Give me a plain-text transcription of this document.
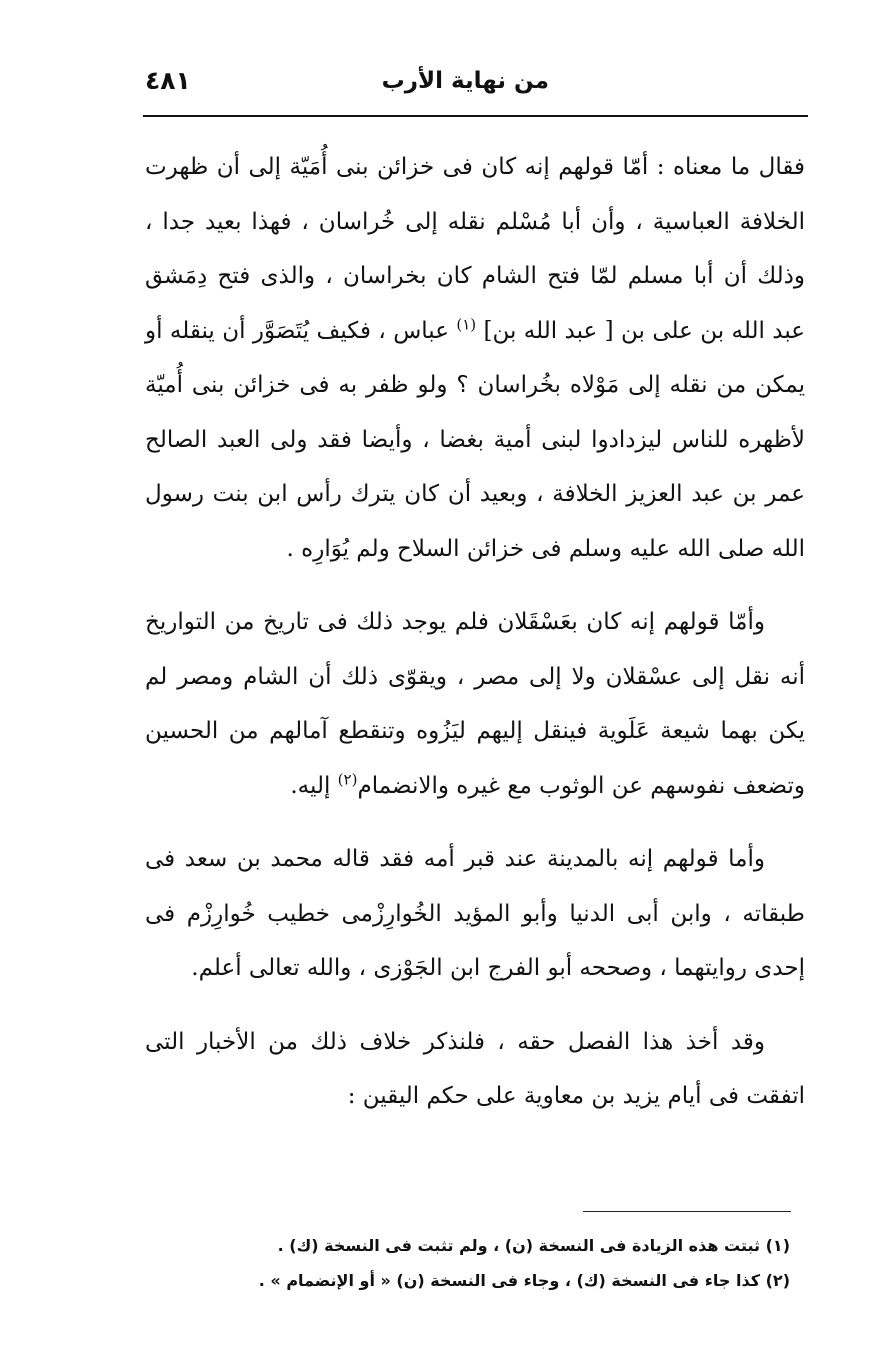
٤٨١	من نهاية الأرب

فقال ما معناه : أمّا قولهم إنه كان فى خزائن بنى أُمَيّة إلى أن ظهرت الخلافة العباسية ، وأن أبا مُسْلم نقله إلى خُراسان ، فهذا بعيد جدا ، وذلك أن أبا مسلم لمّا فتح الشام كان بخراسان ، والذى فتح دِمَشق عبد الله بن على بن [ عبد الله بن] $^{(١)}$ عباس ، فكيف يُتَصَوَّر أن ينقله أو يمكن من نقله إلى مَوْلاه بخُراسان ؟ ولو ظفر به فى خزائن بنى أُميّة لأظهره للناس ليزدادوا لبنى أمية بغضا ، وأيضا فقد ولى العبد الصالح عمر بن عبد العزيز الخلافة ، وبعيد أن كان يترك رأس ابن بنت رسول الله صلى الله عليه وسلم فى خزائن السلاح ولم يُوَارِه .

وأمّا قولهم إنه كان بعَسْقَلان فلم يوجد ذلك فى تاريخ من التواريخ أنه نقل إلى عسْقلان ولا إلى مصر ، ويقوّى ذلك أن الشام ومصر لم يكن بهما شيعة عَلَوية فينقل إليهم ليَزُوه وتنقطع آمالهم من الحسين وتضعف نفوسهم عن الوثوب مع غيره والانضمام$^{(٢)}$ إليه.

وأما قولهم إنه بالمدينة عند قبر أمه فقد قاله محمد بن سعد فى طبقاته ، وابن أبى الدنيا وأبو المؤيد الخُوارِزْمى خطيب خُوارِزْم فى إحدى روايتهما ، وصححه أبو الفرج ابن الجَوْزى ، والله تعالى أعلم.

وقد أخذ هذا الفصل حقه ، فلنذكر خلاف ذلك من الأخبار التى اتفقت فى أيام يزيد بن معاوية على حكم اليقين :

(١) ثبتت هذه الزيادة فى النسخة (ن) ، ولم تثبت فى النسخة (ك) .

(٢) كذا جاء فى النسخة (ك) ، وجاء فى النسخة (ن) « أو الإنضمام » .
